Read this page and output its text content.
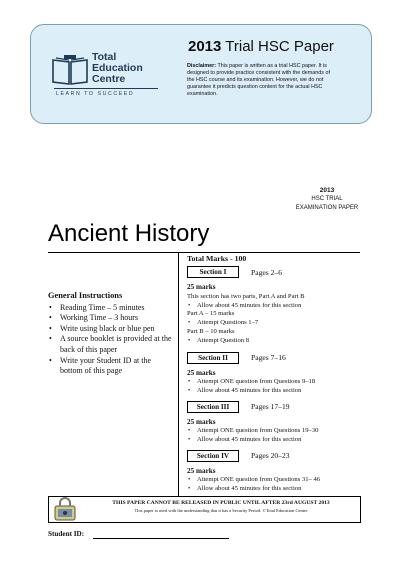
Total
Education
Centre
LEARN TO SUCCEED
2013 Trial HSC Paper
Disclaimer: This paper is written as a trial HSC paper. It is designed to provide practice consistent with the demands of the HSC course and its examination. However, we do not guarantee it predicts question content for the actual HSC examination.
2013
HSC TRIAL
EXAMINATION PAPER
Ancient History
General Instructions
• Reading Time – 5 minutes
• Working Time – 3 hours
• Write using black or blue pen
• A source booklet is provided at the back of this paper
• Write your Student ID at the bottom of this page
Total Marks - 100
Section I	Pages 2–6
25 marks
This section has two parts, Part A and Part B
• Allow about 45 minutes for this section
Part A – 15 marks
• Attempt Questions 1–7
Part B – 10 marks
• Attempt Question 8
Section II	Pages 7–16
25 marks
• Attempt ONE question from Questions 9–18
• Allow about 45 minutes for this section
Section III	Pages 17–19
25 marks
• Attempt ONE question from Questions 19–30
• Allow about 45 minutes for this section
Section IV	Pages 20–23
25 marks
• Attempt ONE question from Questions 31– 46
• Allow about 45 minutes for this section
THIS PAPER CANNOT BE RELEASED IN PUBLIC UNTIL AFTER 23rd AUGUST 2013
This paper is used with the understanding that it has a Security Period. ©Total Education Centre
Student ID:
